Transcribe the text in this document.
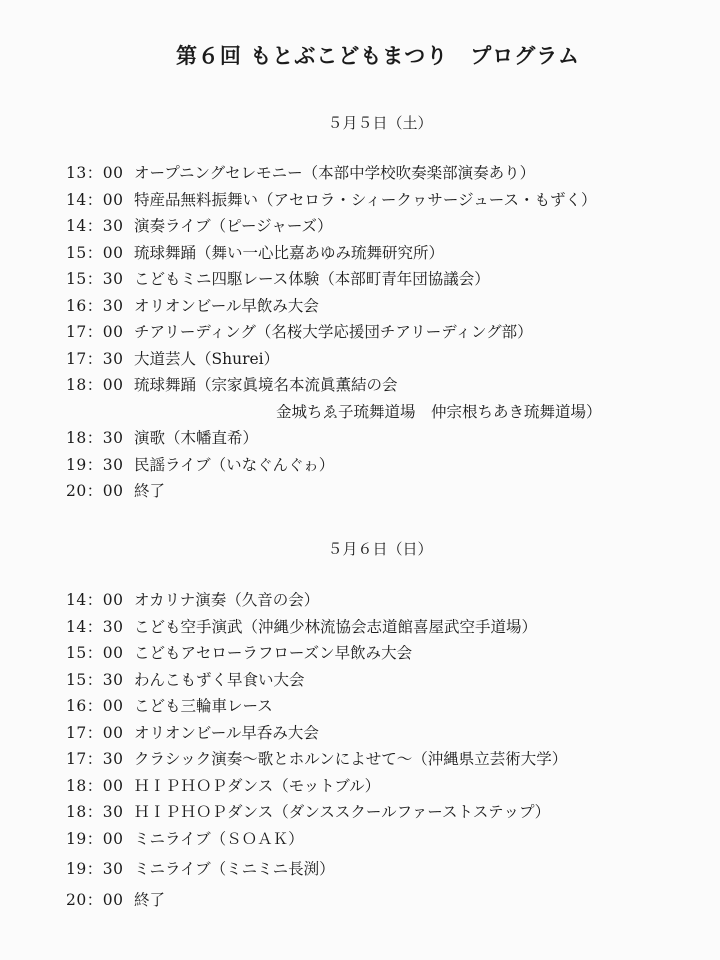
第６回 もとぶこどもまつり　プログラム
５月５日（土）
13：00 オープニングセレモニー（本部中学校吹奏楽部演奏あり）
14：00 特産品無料振舞い（アセロラ・シィークヮサージュース・もずく）
14：30 演奏ライブ（ピージャーズ）
15：00 琉球舞踊（舞い一心比嘉あゆみ琉舞研究所）
15：30 こどもミニ四駆レース体験（本部町青年団協議会）
16：30 オリオンビール早飲み大会
17：00 チアリーディング（名桜大学応援団チアリーディング部）
17：30 大道芸人（Shurei）
18：00 琉球舞踊（宗家眞境名本流眞薫結の会
金城ちゑ子琉舞道場　仲宗根ちあき琉舞道場）
18：30 演歌（木幡直希）
19：30 民謡ライブ（いなぐんぐゎ）
20：00 終了
５月６日（日）
14：00 オカリナ演奏（久音の会）
14：30 こども空手演武（沖縄少林流協会志道館喜屋武空手道場）
15：00 こどもアセローラフローズン早飲み大会
15：30 わんこもずく早食い大会
16：00 こども三輪車レース
17：00 オリオンビール早呑み大会
17：30 クラシック演奏～歌とホルンによせて～（沖縄県立芸術大学）
18：00 ＨＩＰＨＯＰダンス（モットブル）
18：30 ＨＩＰＨＯＰダンス（ダンススクールファーストステップ）
19：00 ミニライブ（ＳＯＡＫ）
19：30 ミニライブ（ミニミニ長渕）
20：00 終了
